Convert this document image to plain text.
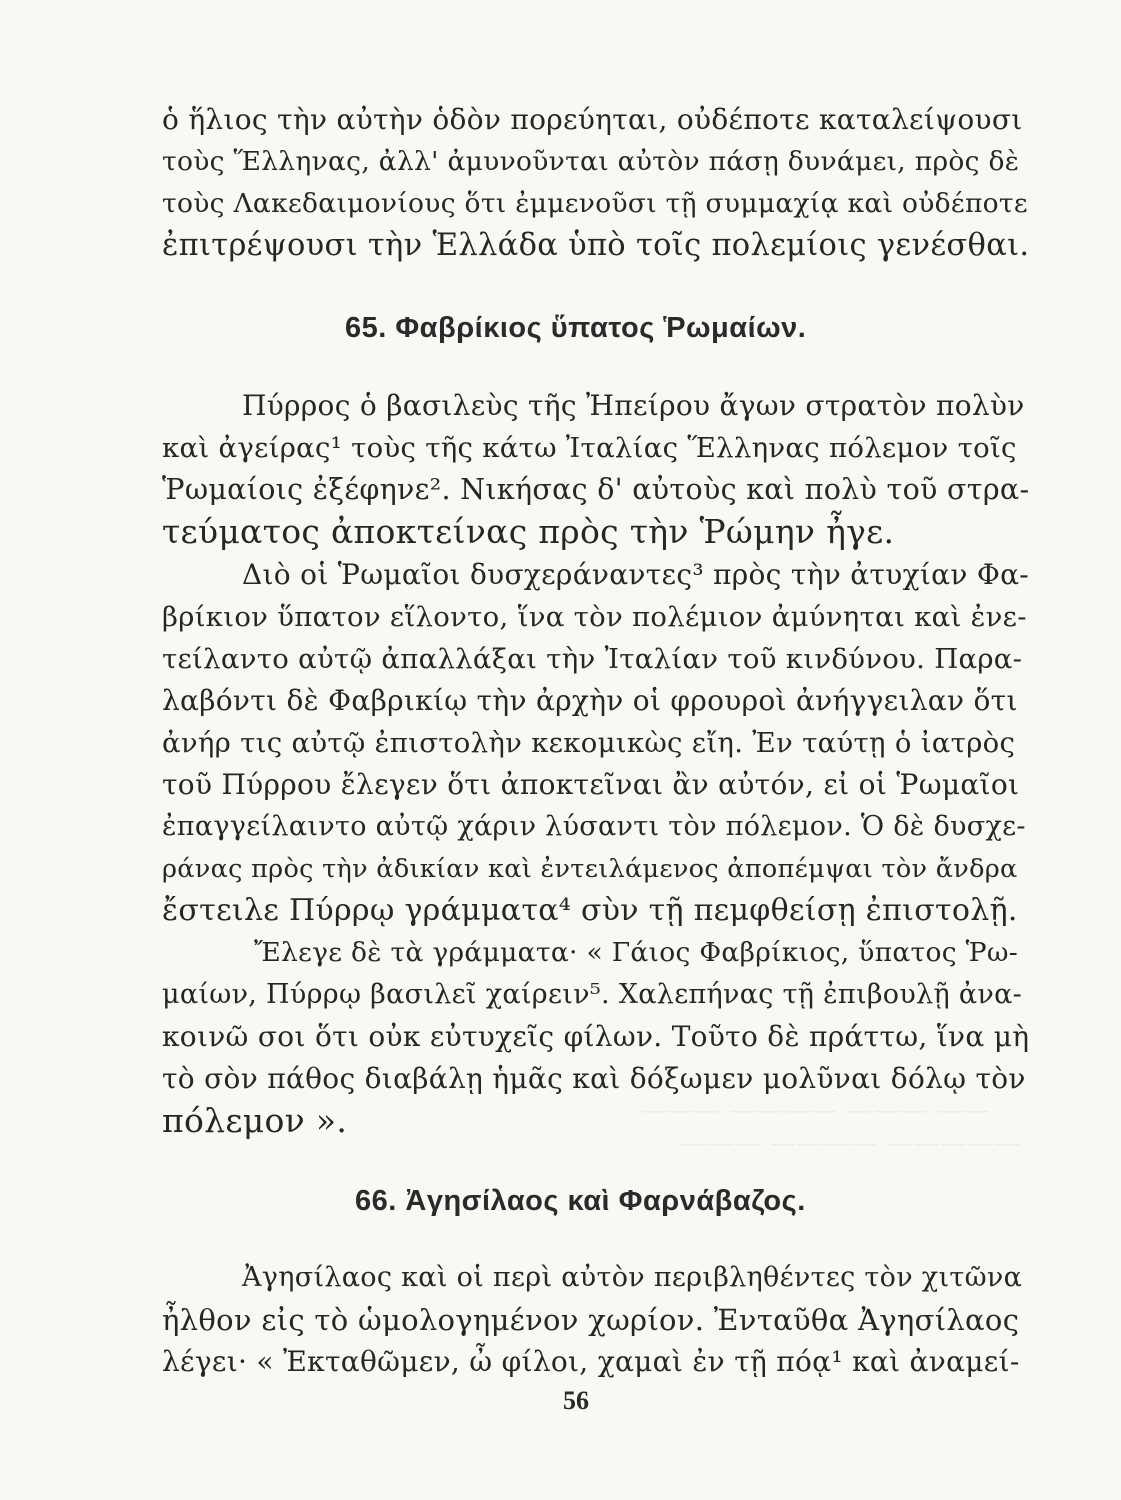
——— ———— ——— ——
——— ———— —————
ὁ ἥλιος τὴν αὐτὴν ὁδὸν πορεύηται, οὐδέποτε καταλείψουσι
τοὺς Ἕλληνας, ἀλλ' ἀμυνοῦνται αὐτὸν πάσῃ δυνάμει, πρὸς δὲ
τοὺς Λακεδαιμονίους ὅτι ἐμμενοῦσι τῇ συμμαχίᾳ καὶ οὐδέποτε
ἐπιτρέψουσι τὴν Ἑλλάδα ὑπὸ τοῖς πολεμίοις γενέσθαι.
65. Φαβρίκιος ὕπατος Ῥωμαίων.
Πύρρος ὁ βασιλεὺς τῆς Ἠπείρου ἄγων στρατὸν πολὺν
καὶ ἀγείρας¹ τοὺς τῆς κάτω Ἰταλίας Ἕλληνας πόλεμον τοῖς
Ῥωμαίοις ἐξέφηνε². Νικήσας δ' αὐτοὺς καὶ πολὺ τοῦ στρα-
τεύματος ἀποκτείνας πρὸς τὴν Ῥώμην ἦγε.
Διὸ οἱ Ῥωμαῖοι δυσχεράναντες³ πρὸς τὴν ἀτυχίαν Φα-
βρίκιον ὕπατον εἵλοντο, ἵνα τὸν πολέμιον ἀμύνηται καὶ ἐνε-
τείλαντο αὐτῷ ἀπαλλάξαι τὴν Ἰταλίαν τοῦ κινδύνου. Παρα-
λαβόντι δὲ Φαβρικίῳ τὴν ἀρχὴν οἱ φρουροὶ ἀνήγγειλαν ὅτι
ἀνήρ τις αὐτῷ ἐπιστολὴν κεκομικὼς εἴη. Ἐν ταύτῃ ὁ ἰατρὸς
τοῦ Πύρρου ἔλεγεν ὅτι ἀποκτεῖναι ἂν αὐτόν, εἰ οἱ Ῥωμαῖοι
ἐπαγγείλαιντο αὐτῷ χάριν λύσαντι τὸν πόλεμον. Ὁ δὲ δυσχε-
ράνας πρὸς τὴν ἀδικίαν καὶ ἐντειλάμενος ἀποπέμψαι τὸν ἄνδρα
ἔστειλε Πύρρῳ γράμματα⁴ σὺν τῇ πεμφθείσῃ ἐπιστολῇ.
Ἔλεγε δὲ τὰ γράμματα· « Γάιος Φαβρίκιος, ὕπατος Ῥω-
μαίων, Πύρρῳ βασιλεῖ χαίρειν⁵. Χαλεπήνας τῇ ἐπιβουλῇ ἀνα-
κοινῶ σοι ὅτι οὐκ εὐτυχεῖς φίλων. Τοῦτο δὲ πράττω, ἵνα μὴ
τὸ σὸν πάθος διαβάλῃ ἡμᾶς καὶ δόξωμεν μολῦναι δόλῳ τὸν
πόλεμον ».
66. Ἀγησίλαος καὶ Φαρνάβαζος.
Ἀγησίλαος καὶ οἱ περὶ αὐτὸν περιβληθέντες τὸν χιτῶνα
ἦλθον εἰς τὸ ὡμολογημένον χωρίον. Ἐνταῦθα Ἀγησίλαος
λέγει· « Ἐκταθῶμεν, ὦ φίλοι, χαμαὶ ἐν τῇ πόᾳ¹ καὶ ἀναμεί-
56
